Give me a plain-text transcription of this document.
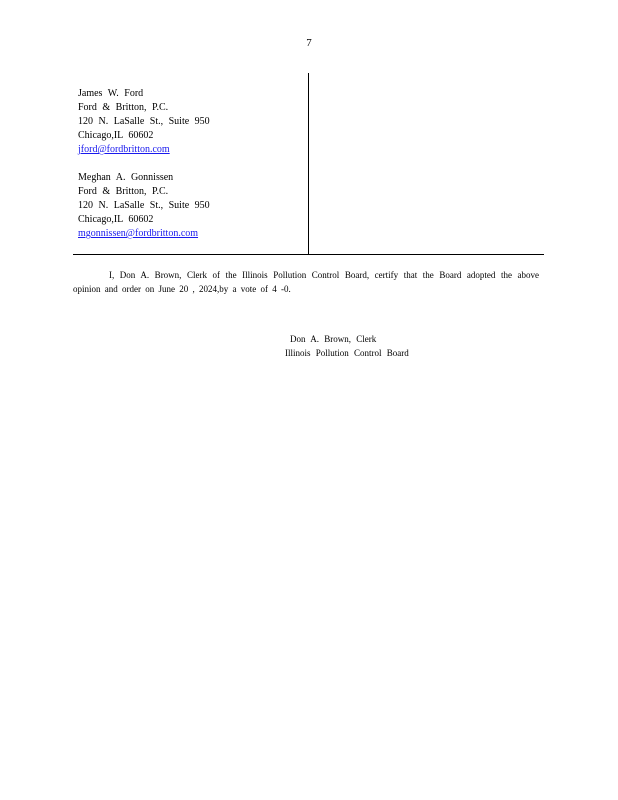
7
James W. Ford
Ford & Britton, P.C.
120 N. LaSalle St., Suite 950
Chicago,IL 60602
jford@fordbritton.com
Meghan A. Gonnissen
Ford & Britton, P.C.
120 N. LaSalle St., Suite 950
Chicago,IL 60602
mgonnissen@fordbritton.com
I, Don A. Brown, Clerk of the Illinois Pollution Control Board, certify that the Board adopted the above opinion and order on June 20 , 2024,by a vote of 4 -0.
Don A. Brown, Clerk
Illinois Pollution Control Board
